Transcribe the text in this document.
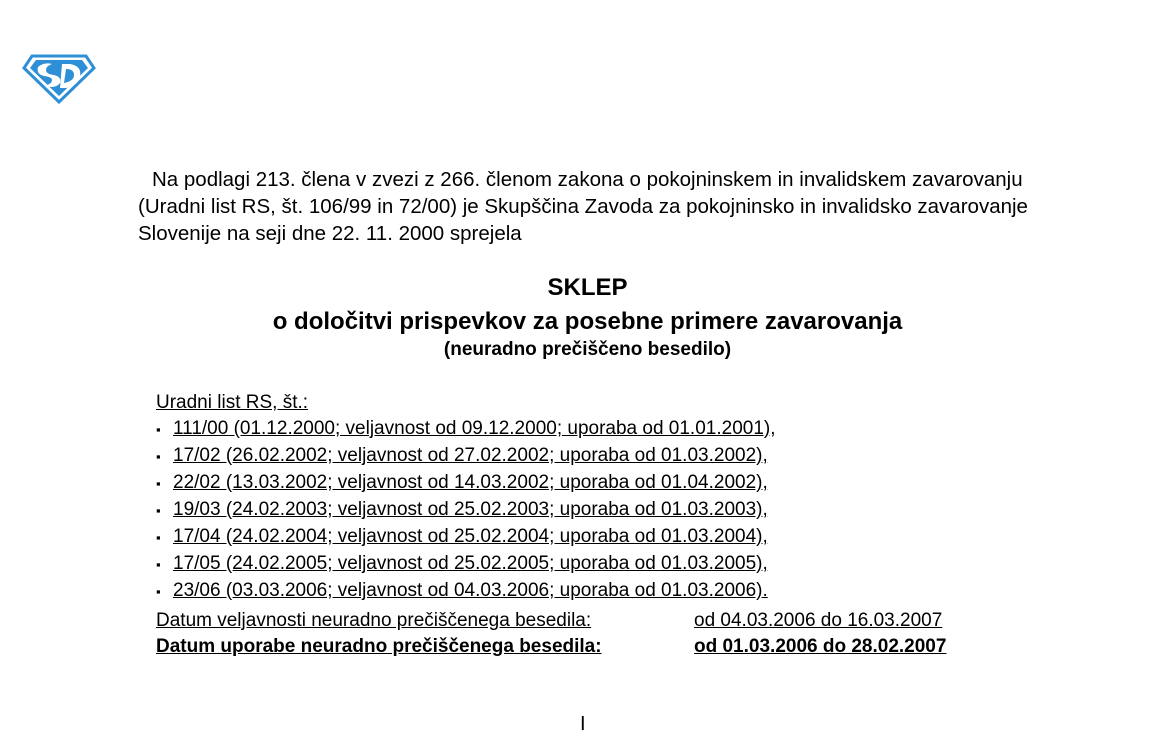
Na podlagi 213. člena v zvezi z 266. členom zakona o pokojninskem in invalidskem zavarovanju (Uradni list RS, št. 106/99 in 72/00) je Skupščina Zavoda za pokojninsko in invalidsko zavarovanje Slovenije na seji dne 22. 11. 2000 sprejela
SKLEP
o določitvi prispevkov za posebne primere zavarovanja
(neuradno prečiščeno besedilo)
Uradni list RS, št.:
▪ 111/00 (01.12.2000; veljavnost od 09.12.2000; uporaba od 01.01.2001),
▪ 17/02 (26.02.2002; veljavnost od 27.02.2002; uporaba od 01.03.2002),
▪ 22/02 (13.03.2002; veljavnost od 14.03.2002; uporaba od 01.04.2002),
▪ 19/03 (24.02.2003; veljavnost od 25.02.2003; uporaba od 01.03.2003),
▪ 17/04 (24.02.2004; veljavnost od 25.02.2004; uporaba od 01.03.2004),
▪ 17/05 (24.02.2005; veljavnost od 25.02.2005; uporaba od 01.03.2005),
▪ 23/06 (03.03.2006; veljavnost od 04.03.2006; uporaba od 01.03.2006).
Datum veljavnosti neuradno prečiščenega besedila:	od 04.03.2006 do 16.03.2007
Datum uporabe neuradno prečiščenega besedila:	od 01.03.2006 do 28.02.2007
I
